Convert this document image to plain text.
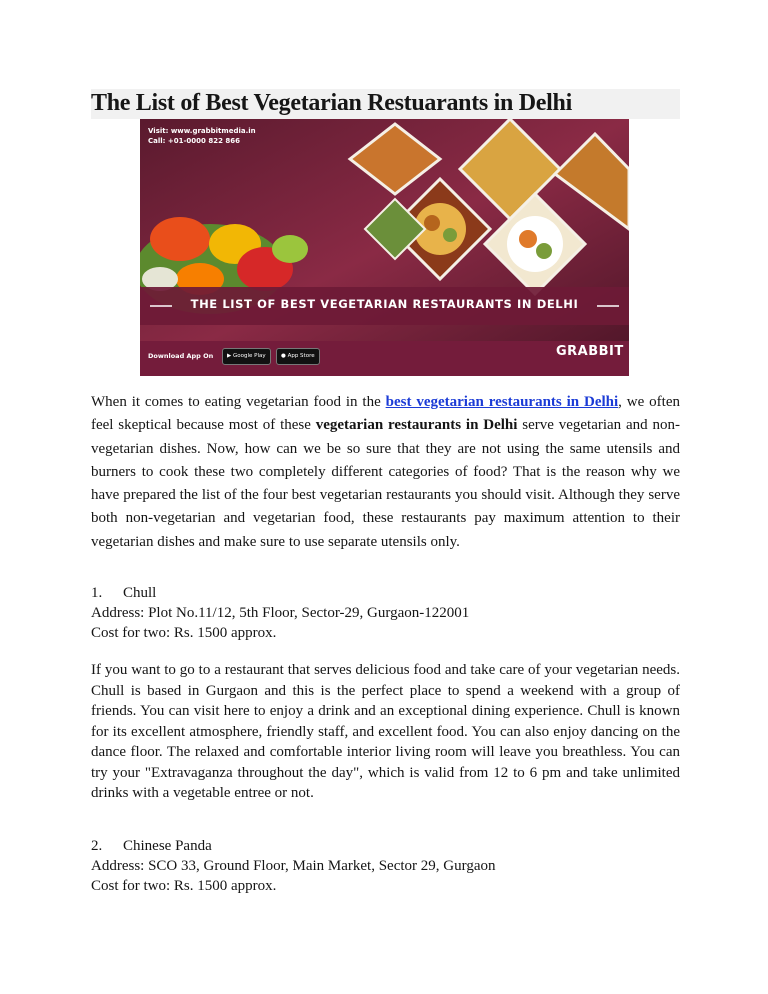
The List of Best Vegetarian Restuarants in Delhi
Visit: www.grabbitmedia.in
Call: +01-0000 822 866
THE LIST OF BEST VEGETARIAN RESTAURANTS IN DELHI
Download App On	▶ Google Play	● App Store	GRABBIT

When it comes to eating vegetarian food in the best vegetarian restaurants in Delhi, we often feel skeptical because most of these vegetarian restaurants in Delhi serve vegetarian and non-vegetarian dishes. Now, how can we be so sure that they are not using the same utensils and burners to cook these two completely different categories of food? That is the reason why we have prepared the list of the four best vegetarian restaurants you should visit. Although they serve both non-vegetarian and vegetarian food, these restaurants pay maximum attention to their vegetarian dishes and make sure to use separate utensils only.

1. Chull

Address: Plot No.11/12, 5th Floor, Sector-29, Gurgaon-122001

Cost for two: Rs. 1500 approx.

If you want to go to a restaurant that serves delicious food and take care of your vegetarian needs. Chull is based in Gurgaon and this is the perfect place to spend a weekend with a group of friends. You can visit here to enjoy a drink and an exceptional dining experience. Chull is known for its excellent atmosphere, friendly staff, and excellent food. You can also enjoy dancing on the dance floor. The relaxed and comfortable interior living room will leave you breathless. You can try your "Extravaganza throughout the day", which is valid from 12 to 6 pm and take unlimited drinks with a vegetable entree or not.

2. Chinese Panda

Address: SCO 33, Ground Floor, Main Market, Sector 29, Gurgaon

Cost for two: Rs. 1500 approx.
